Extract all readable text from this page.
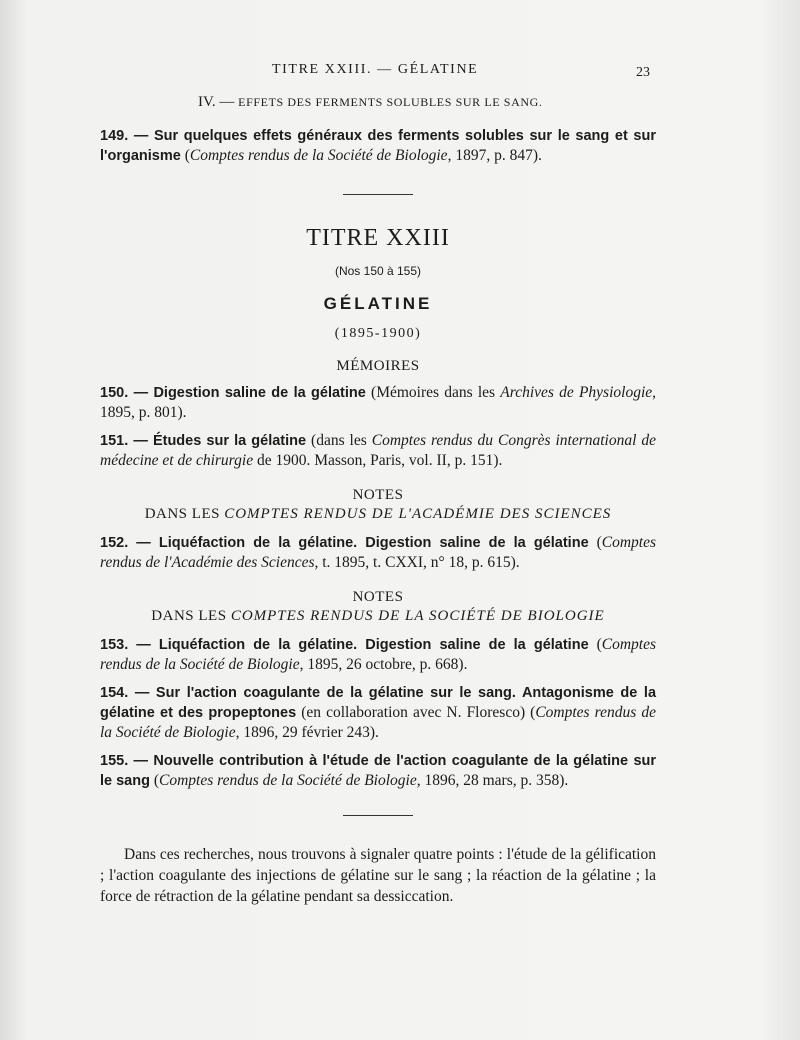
TITRE XXIII. — GÉLATINE	23
IV. — EFFETS DES FERMENTS SOLUBLES SUR LE SANG.

149. — Sur quelques effets généraux des ferments solubles sur le sang et sur l'organisme (Comptes rendus de la Société de Biologie, 1897, p. 847).

TITRE XXIII
(Nos 150 à 155)
GÉLATINE
(1895-1900)
MÉMOIRES

150. — Digestion saline de la gélatine (Mémoires dans les Archives de Physiologie, 1895, p. 801).

151. — Études sur la gélatine (dans les Comptes rendus du Congrès international de médecine et de chirurgie de 1900. Masson, Paris, vol. II, p. 151).

NOTES
DANS LES COMPTES RENDUS DE L'ACADÉMIE DES SCIENCES

152. — Liquéfaction de la gélatine. Digestion saline de la gélatine (Comptes rendus de l'Académie des Sciences, t. 1895, t. CXXI, n° 18, p. 615).

NOTES
DANS LES COMPTES RENDUS DE LA SOCIÉTÉ DE BIOLOGIE

153. — Liquéfaction de la gélatine. Digestion saline de la gélatine (Comptes rendus de la Société de Biologie, 1895, 26 octobre, p. 668).

154. — Sur l'action coagulante de la gélatine sur le sang. Antagonisme de la gélatine et des propeptones (en collaboration avec N. Floresco) (Comptes rendus de la Société de Biologie, 1896, 29 février 243).

155. — Nouvelle contribution à l'étude de l'action coagulante de la gélatine sur le sang (Comptes rendus de la Société de Biologie, 1896, 28 mars, p. 358).

Dans ces recherches, nous trouvons à signaler quatre points : l'étude de la gélification ; l'action coagulante des injections de gélatine sur le sang ; la réaction de la gélatine ; la force de rétraction de la gélatine pendant sa dessiccation.
